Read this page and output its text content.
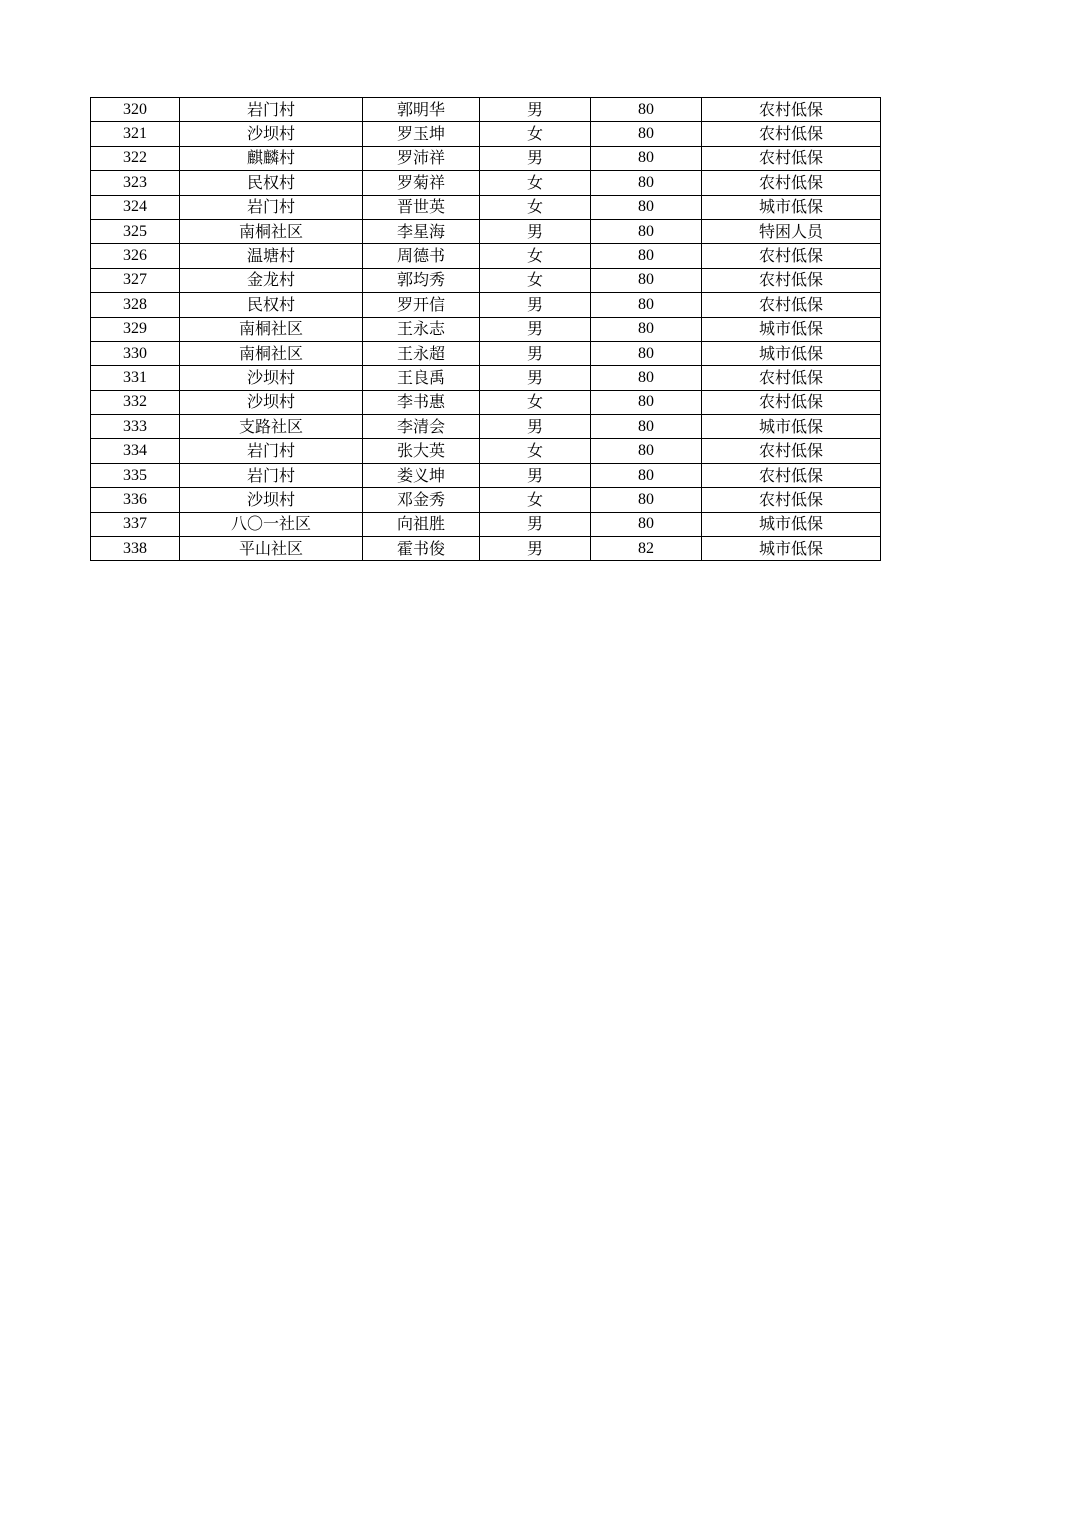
320	岩门村	郭明华	男	80	农村低保
321	沙坝村	罗玉坤	女	80	农村低保
322	麒麟村	罗沛祥	男	80	农村低保
323	民权村	罗菊祥	女	80	农村低保
324	岩门村	晋世英	女	80	城市低保
325	南桐社区	李星海	男	80	特困人员
326	温塘村	周德书	女	80	农村低保
327	金龙村	郭均秀	女	80	农村低保
328	民权村	罗开信	男	80	农村低保
329	南桐社区	王永志	男	80	城市低保
330	南桐社区	王永超	男	80	城市低保
331	沙坝村	王良禹	男	80	农村低保
332	沙坝村	李书惠	女	80	农村低保
333	支路社区	李清会	男	80	城市低保
334	岩门村	张大英	女	80	农村低保
335	岩门村	娄义坤	男	80	农村低保
336	沙坝村	邓金秀	女	80	农村低保
337	八〇一社区	向祖胜	男	80	城市低保
338	平山社区	霍书俊	男	82	城市低保
